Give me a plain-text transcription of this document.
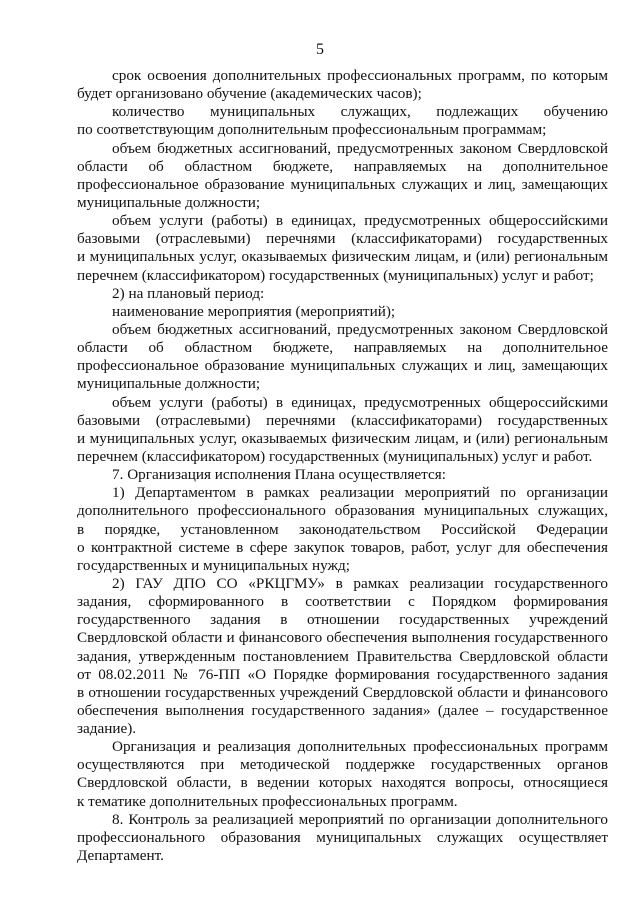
5
срок освоения дополнительных профессиональных программ, по которым
будет организовано обучение (академических часов);
количество муниципальных служащих, подлежащих обучению
по соответствующим дополнительным профессиональным программам;
объем бюджетных ассигнований, предусмотренных законом Свердловской
области об областном бюджете, направляемых на дополнительное
профессиональное образование муниципальных служащих и лиц, замещающих
муниципальные должности;
объем услуги (работы) в единицах, предусмотренных общероссийскими
базовыми (отраслевыми) перечнями (классификаторами) государственных
и муниципальных услуг, оказываемых физическим лицам, и (или) региональным
перечнем (классификатором) государственных (муниципальных) услуг и работ;
2) на плановый период:
наименование мероприятия (мероприятий);
объем бюджетных ассигнований, предусмотренных законом Свердловской
области об областном бюджете, направляемых на дополнительное
профессиональное образование муниципальных служащих и лиц, замещающих
муниципальные должности;
объем услуги (работы) в единицах, предусмотренных общероссийскими
базовыми (отраслевыми) перечнями (классификаторами) государственных
и муниципальных услуг, оказываемых физическим лицам, и (или) региональным
перечнем (классификатором) государственных (муниципальных) услуг и работ.
7. Организация исполнения Плана осуществляется:
1) Департаментом в рамках реализации мероприятий по организации
дополнительного профессионального образования муниципальных служащих,
в порядке, установленном законодательством Российской Федерации
о контрактной системе в сфере закупок товаров, работ, услуг для обеспечения
государственных и муниципальных нужд;
2) ГАУ ДПО СО «РКЦГМУ» в рамках реализации государственного
задания, сформированного в соответствии с Порядком формирования
государственного задания в отношении государственных учреждений
Свердловской области и финансового обеспечения выполнения государственного
задания, утвержденным постановлением Правительства Свердловской области
от 08.02.2011 № 76-ПП «О Порядке формирования государственного задания
в отношении государственных учреждений Свердловской области и финансового
обеспечения выполнения государственного задания» (далее – государственное
задание).
Организация и реализация дополнительных профессиональных программ
осуществляются при методической поддержке государственных органов
Свердловской области, в ведении которых находятся вопросы, относящиеся
к тематике дополнительных профессиональных программ.
8. Контроль за реализацией мероприятий по организации дополнительного
профессионального образования муниципальных служащих осуществляет
Департамент.
